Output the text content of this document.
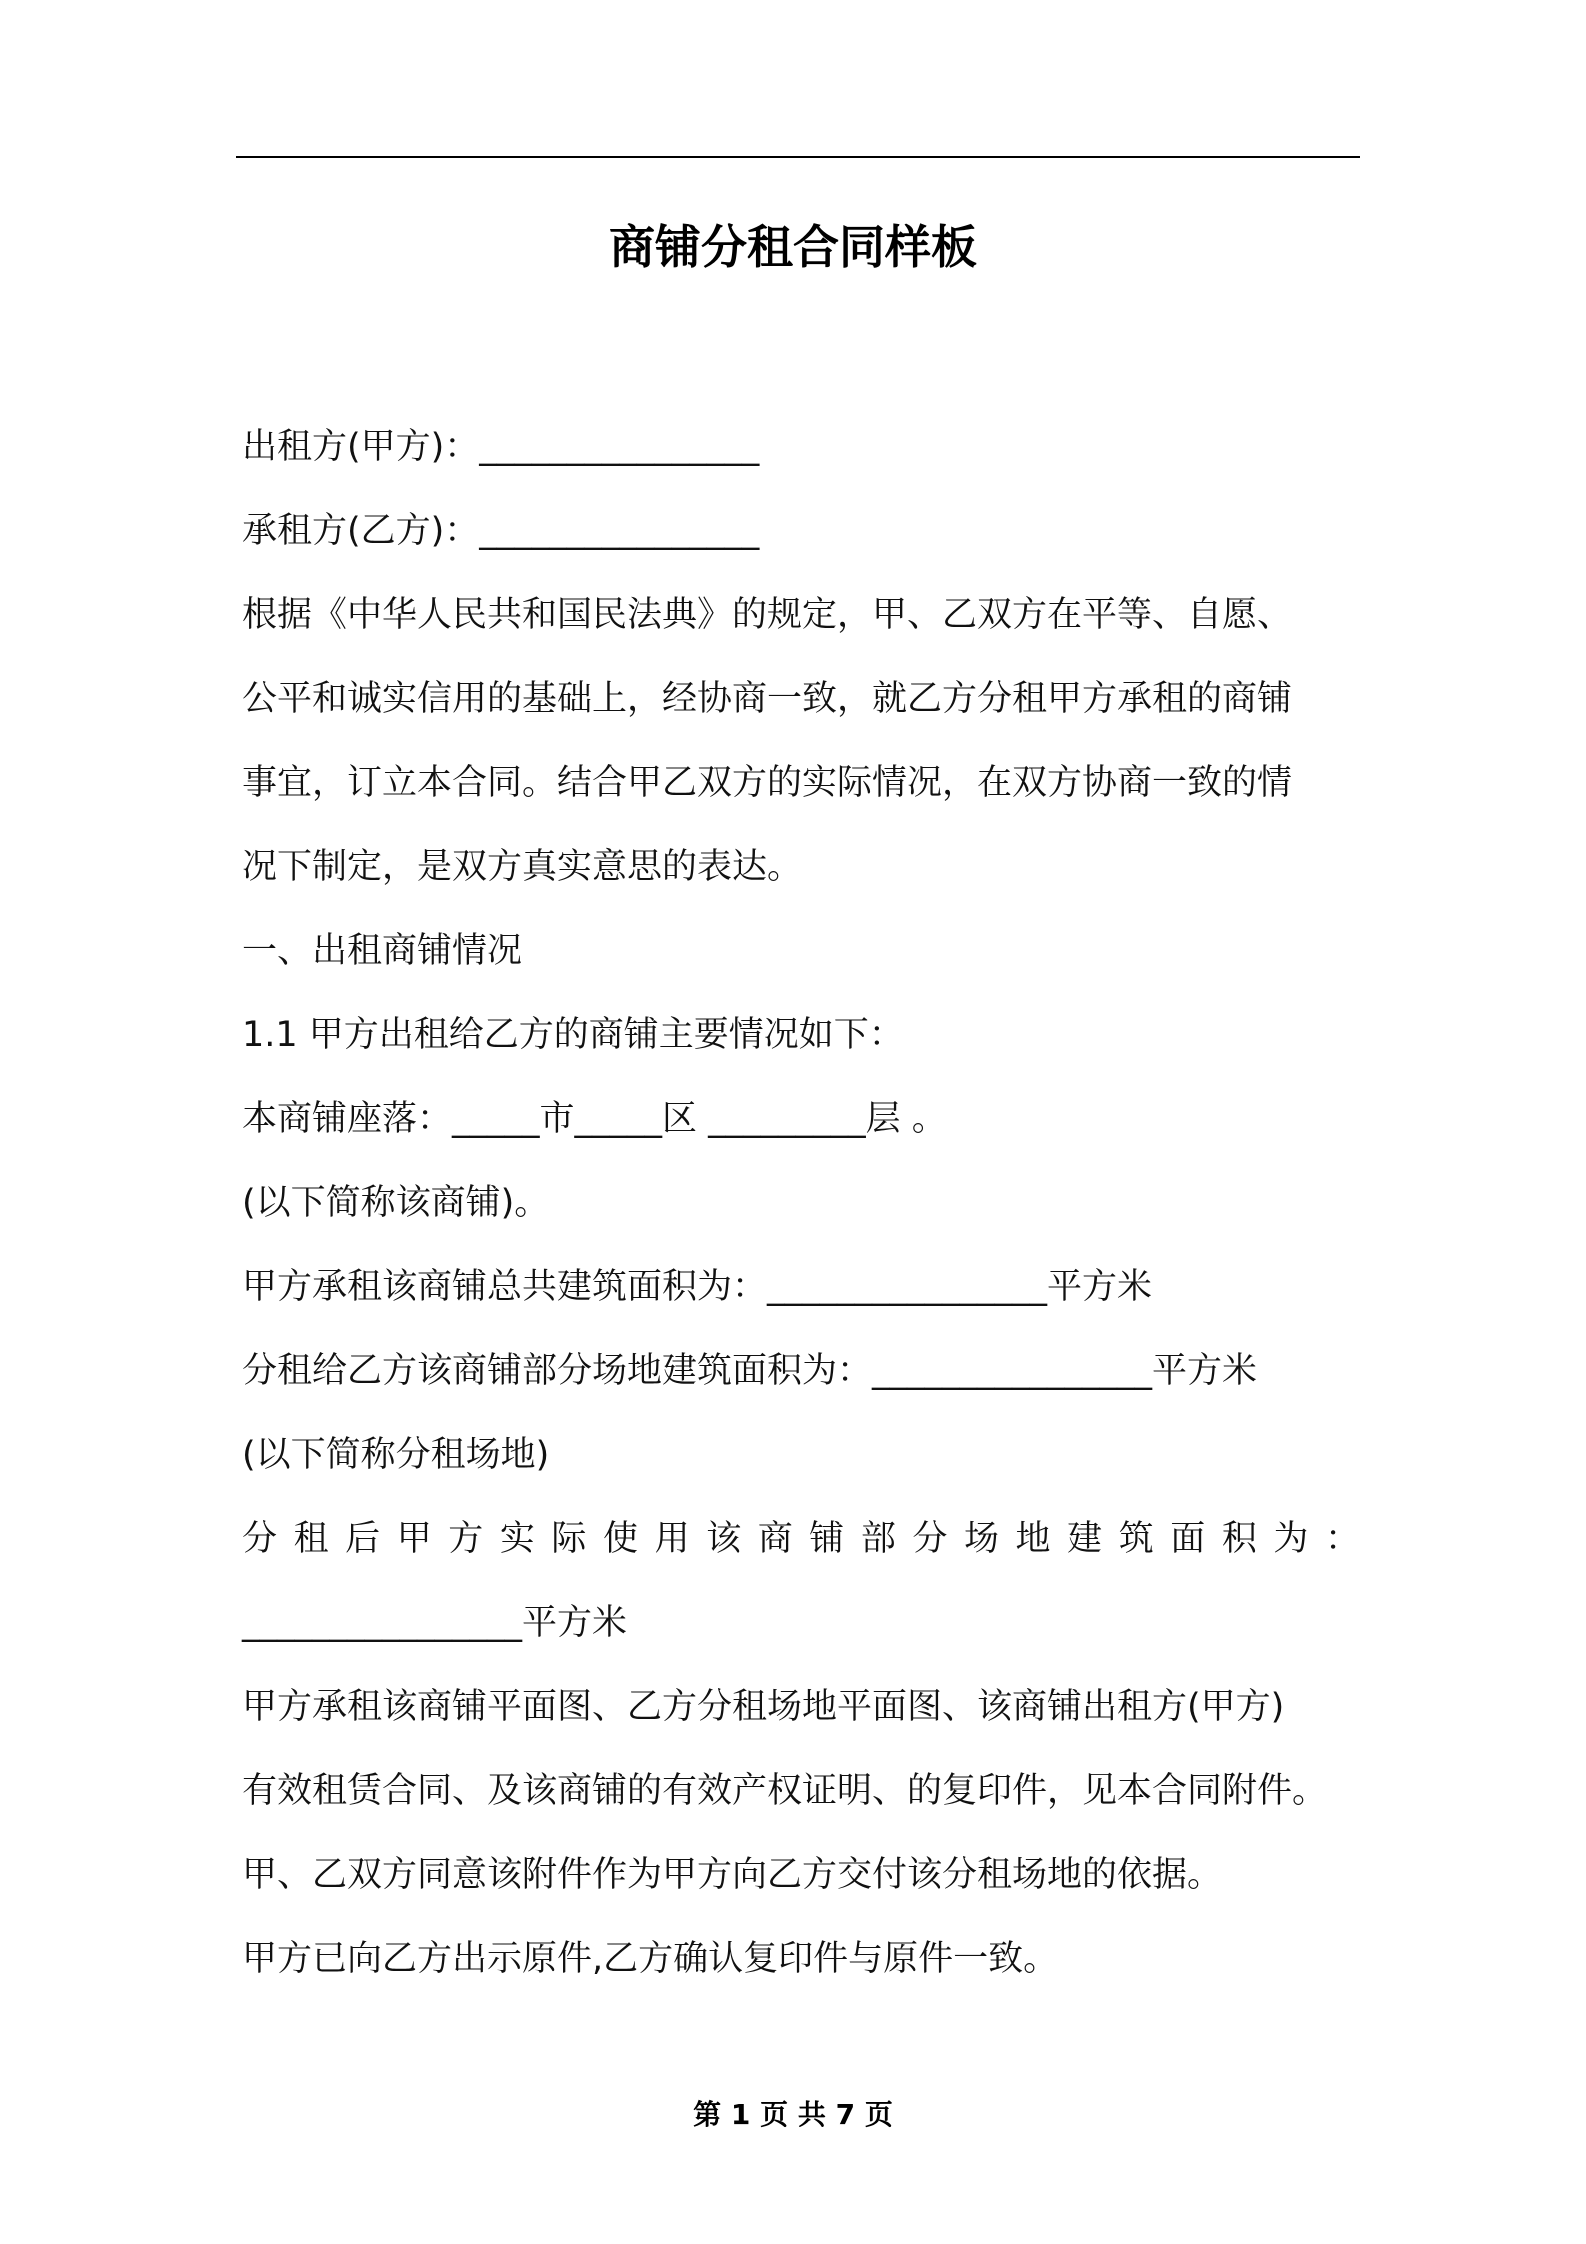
商铺分租合同样板
出租方(甲方)：________________
承租方(乙方)：________________
根据《中华人民共和国民法典》的规定，甲、乙双方在平等、自愿、
公平和诚实信用的基础上，经协商一致，就乙方分租甲方承租的商铺
事宜，订立本合同。结合甲乙双方的实际情况，在双方协商一致的情
况下制定，是双方真实意思的表达。
一、出租商铺情况
1.1 甲方出租给乙方的商铺主要情况如下：
本商铺座落：_____市_____区 _________层 。
(以下简称该商铺)。
甲方承租该商铺总共建筑面积为：________________平方米
分租给乙方该商铺部分场地建筑面积为：________________平方米
(以下简称分租场地)
分租后甲方实际使用该商铺部分场地建筑面积为：
________________平方米
甲方承租该商铺平面图、乙方分租场地平面图、该商铺出租方(甲方)
有效租赁合同、及该商铺的有效产权证明、的复印件，见本合同附件。
甲、乙双方同意该附件作为甲方向乙方交付该分租场地的依据。
甲方已向乙方出示原件,乙方确认复印件与原件一致。
第 1 页 共 7 页
